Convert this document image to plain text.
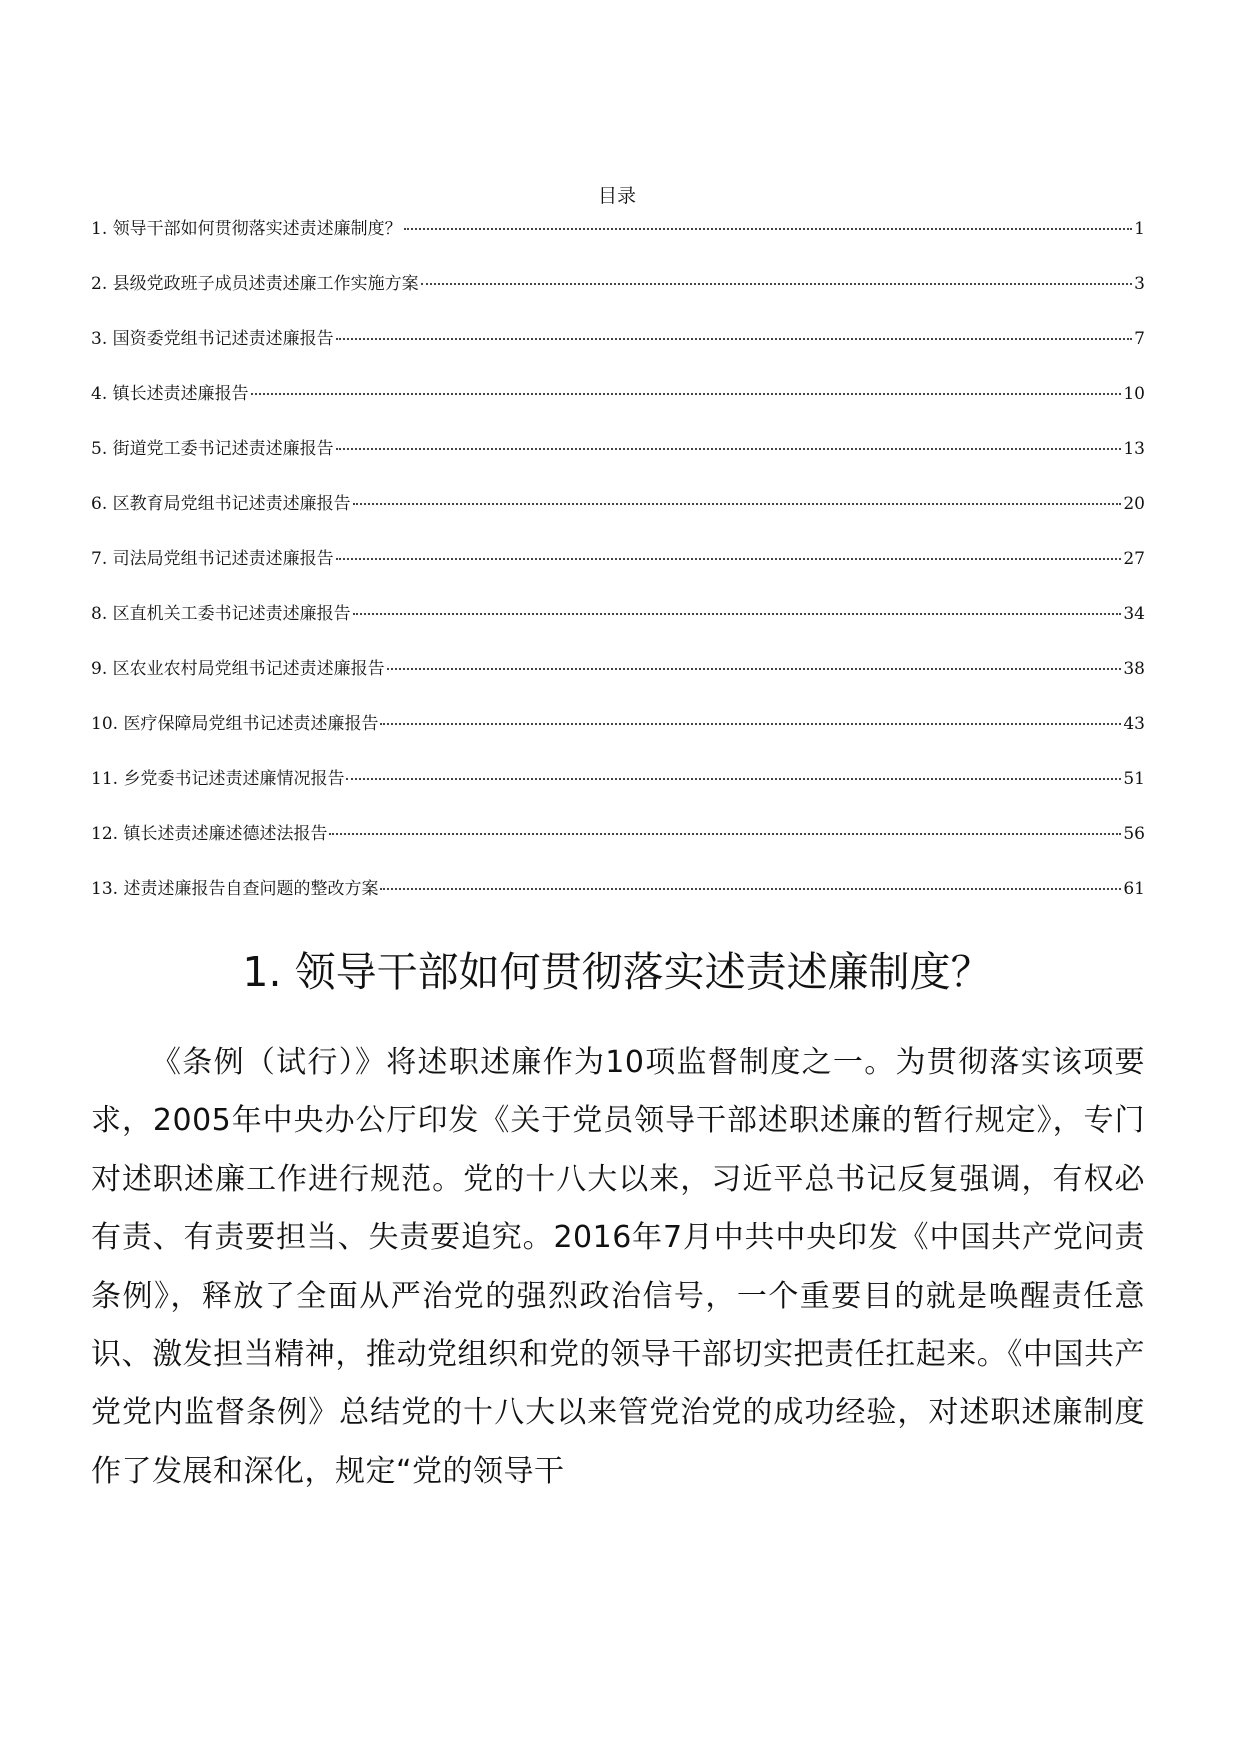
目录
1. 领导干部如何贯彻落实述责述廉制度？	1
2. 县级党政班子成员述责述廉工作实施方案	3
3. 国资委党组书记述责述廉报告	7
4. 镇长述责述廉报告	10
5. 街道党工委书记述责述廉报告	13
6. 区教育局党组书记述责述廉报告	20
7. 司法局党组书记述责述廉报告	27
8. 区直机关工委书记述责述廉报告	34
9. 区农业农村局党组书记述责述廉报告	38
10. 医疗保障局党组书记述责述廉报告	43
11. 乡党委书记述责述廉情况报告	51
12. 镇长述责述廉述德述法报告	56
13. 述责述廉报告自查问题的整改方案	61
1. 领导干部如何贯彻落实述责述廉制度？

《条例（试行）》将述职述廉作为10项监督制度之一。为贯彻落实该项要求，2005年中央办公厅印发《关于党员领导干部述职述廉的暂行规定》，专门对述职述廉工作进行规范。党的十八大以来，习近平总书记反复强调，有权必有责、有责要担当、失责要追究。2016年7月中共中央印发《中国共产党问责条例》，释放了全面从严治党的强烈政治信号，一个重要目的就是唤醒责任意识、激发担当精神，推动党组织和党的领导干部切实把责任扛起来。《中国共产党党内监督条例》总结党的十八大以来管党治党的成功经验，对述职述廉制度作了发展和深化，规定“党的领导干
